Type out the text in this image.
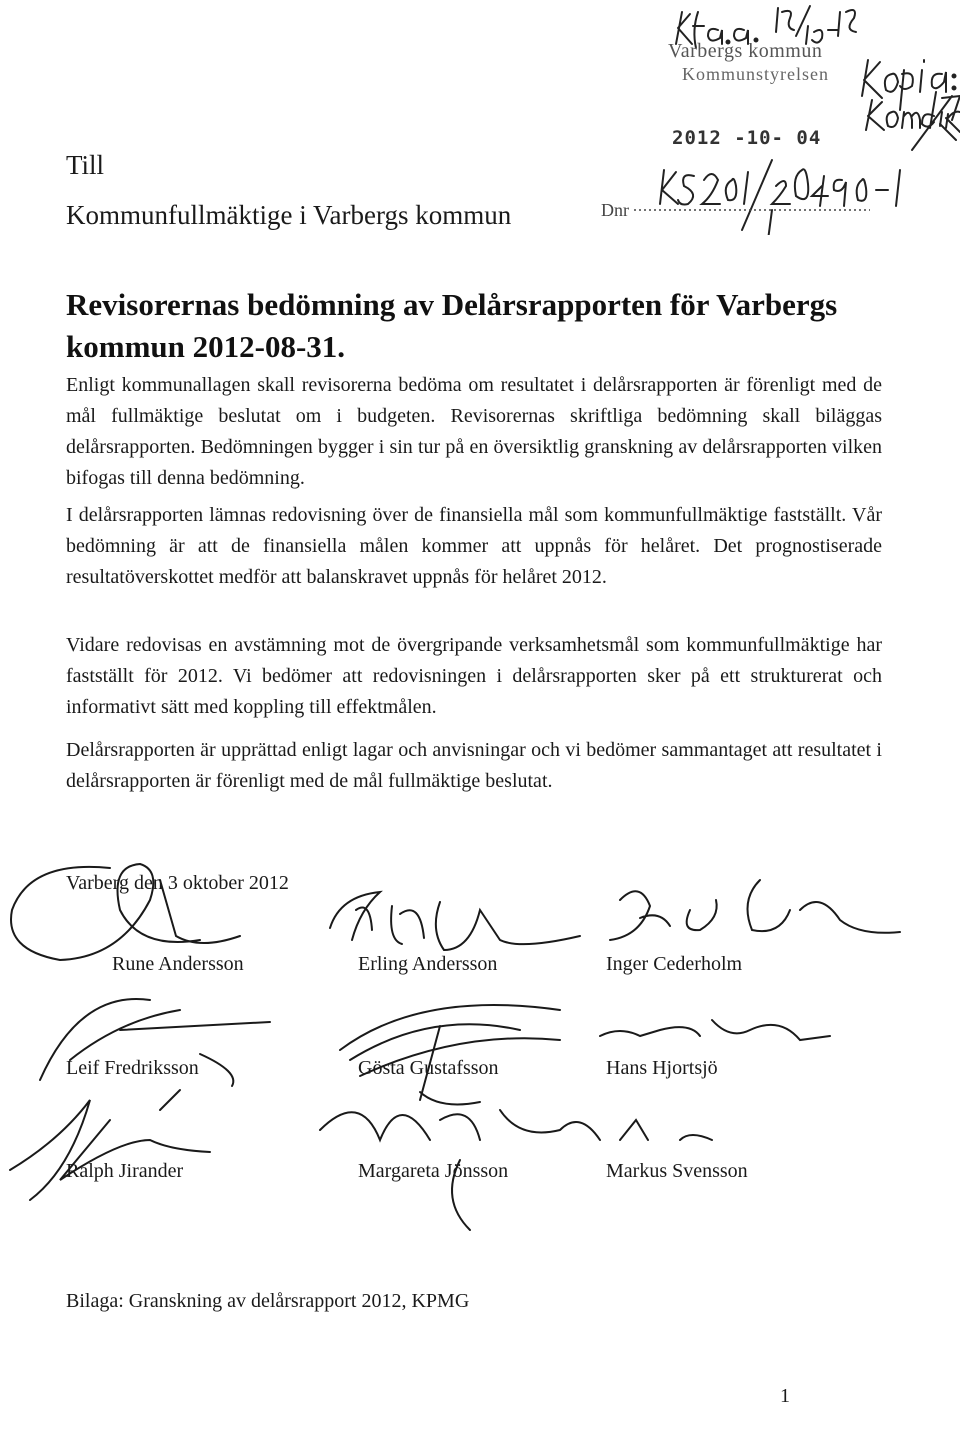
Varbergs kommun
Kommunstyrelsen
2012 -10- 04
Dnr
Till
Kommunfullmäktige i Varbergs kommun
Revisorernas bedömning av Delårsrapporten för Varbergs kommun 2012-08-31.
Enligt kommunallagen skall revisorerna bedöma om resultatet i delårsrapporten är förenligt med de mål fullmäktige beslutat om i budgeten. Revisorernas skriftliga bedömning skall biläggas delårsrapporten. Bedömningen bygger i sin tur på en översiktlig granskning av delårsrapporten vilken bifogas till denna bedömning.
I delårsrapporten lämnas redovisning över de finansiella mål som kommunfullmäktige fastställt. Vår bedömning är att de finansiella målen kommer att uppnås för helåret. Det prognostiserade resultatöverskottet medför att balanskravet uppnås för helåret 2012.
Vidare redovisas en avstämning mot de övergripande verksamhetsmål som kommunfullmäktige har fastställt för 2012. Vi bedömer att redovisningen i delårsrapporten sker på ett strukturerat och informativt sätt med koppling till effektmålen.
Delårsrapporten är upprättad enligt lagar och anvisningar och vi bedömer sammantaget att resultatet i delårsrapporten är förenligt med de mål fullmäktige beslutat.
Varberg den 3 oktober 2012
Rune Andersson	Erling Andersson	Inger Cederholm
Leif Fredriksson	Gösta Gustafsson	Hans Hjortsjö
Ralph Jirander	Margareta Jönsson	Markus Svensson
Bilaga: Granskning av delårsrapport 2012, KPMG
1
